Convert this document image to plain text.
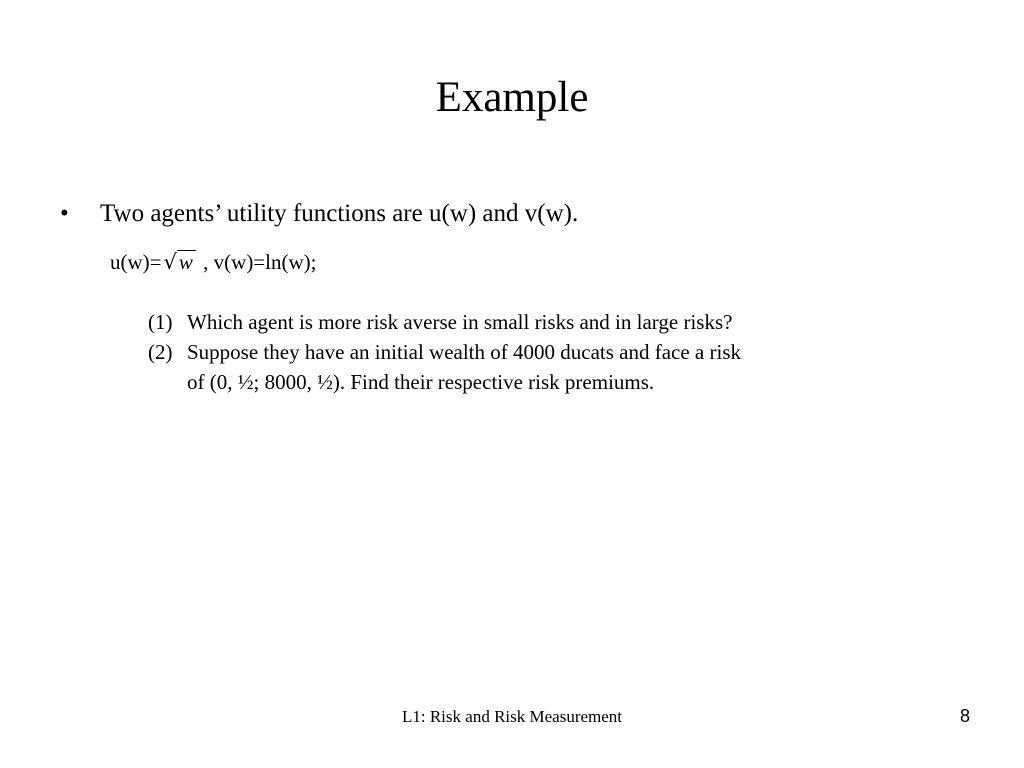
Example
• Two agents’ utility functions are u(w) and v(w).
u(w)=√w , v(w)=ln(w);
(1) Which agent is more risk averse in small risks and in large risks?
(2) Suppose they have an initial wealth of 4000 ducats and face a risk
of (0, ½; 8000, ½). Find their respective risk premiums.
L1: Risk and Risk Measurement	8
